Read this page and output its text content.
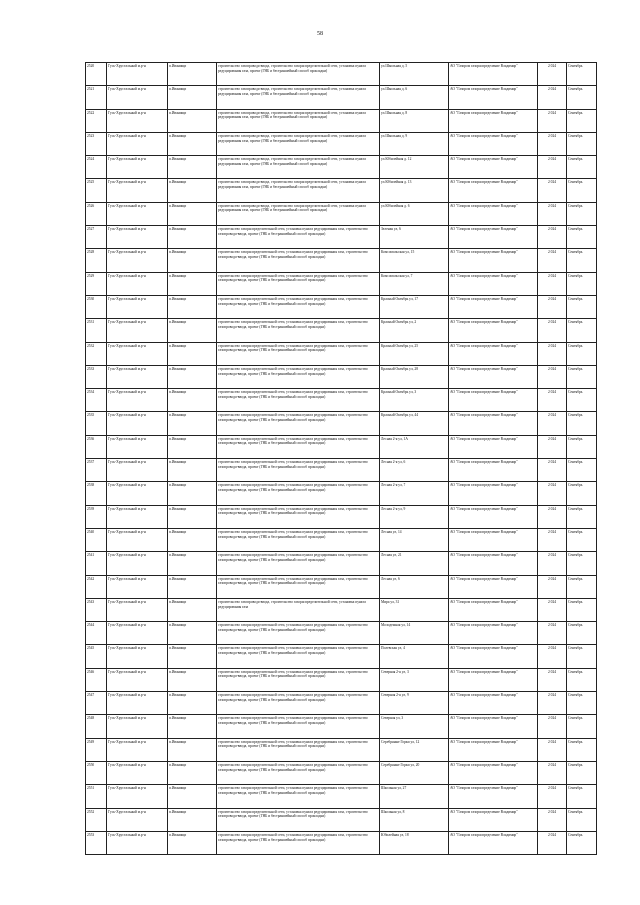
58
2520	Гусь-Хрустальный м.р-н	п.Иванищи	строительство газопровода-ввода, строительство газораспределительной сети, установка пункта редуцирования газа, проект (ГНБ и бестраншейный способ прокладки)	ул.Школьная д. 5	АО "Газпром газораспределение Владимир"	2 024	Сентябрь
2521	Гусь-Хрустальный м.р-н	п.Иванищи	строительство газопровода-ввода, строительство газораспределительной сети, установка пункта редуцирования газа, проект (ГНБ и бестраншейный способ прокладки)	ул.Школьная д. 6	АО "Газпром газораспределение Владимир"	2 024	Сентябрь
2522	Гусь-Хрустальный м.р-н	п.Иванищи	строительство газопровода-ввода, строительство газораспределительной сети, установка пункта редуцирования газа, проект (ГНБ и бестраншейный способ прокладки)	ул.Школьная д. 8	АО "Газпром газораспределение Владимир"	2 024	Сентябрь
2523	Гусь-Хрустальный м.р-н	п.Иванищи	строительство газопровода-ввода, строительство газораспределительной сети, установка пункта редуцирования газа, проект (ГНБ и бестраншейный способ прокладки)	ул.Школьная д. 9	АО "Газпром газораспределение Владимир"	2 024	Сентябрь
2524	Гусь-Хрустальный м.р-н	п.Иванищи	строительство газопровода-ввода, строительство газораспределительной сети, установка пункта редуцирования газа, проект (ГНБ и бестраншейный способ прокладки)	ул.Юбилейная д. 12	АО "Газпром газораспределение Владимир"	2 024	Сентябрь
2525	Гусь-Хрустальный м.р-н	п.Иванищи	строительство газопровода-ввода, строительство газораспределительной сети, установка пункта редуцирования газа, проект (ГНБ и бестраншейный способ прокладки)	ул.Юбилейная д. 13	АО "Газпром газораспределение Владимир"	2 024	Сентябрь
2526	Гусь-Хрустальный м.р-н	п.Иванищи	строительство газопровода-ввода, строительство газораспределительной сети, установка пункта редуцирования газа, проект (ГНБ и бестраншейный способ прокладки)	ул.Юбилейная д. 6	АО "Газпром газораспределение Владимир"	2 024	Сентябрь
2527	Гусь-Хрустальный м.р-н	п.Иванищи	строительство газораспределительной сети, установка пункта редуцирования газа, строительство газопровода-ввода, проект (ГНБ и бестраншейный способ прокладки)	Зеленая ул, 6	АО "Газпром газораспределение Владимир"	2 024	Сентябрь
2528	Гусь-Хрустальный м.р-н	п.Иванищи	строительство газораспределительной сети, установка пункта редуцирования газа, строительство газопровода-ввода, проект (ГНБ и бестраншейный способ прокладки)	Комсомольская ул, 15	АО "Газпром газораспределение Владимир"	2 024	Сентябрь
2529	Гусь-Хрустальный м.р-н	п.Иванищи	строительство газораспределительной сети, установка пункта редуцирования газа, строительство газопровода-ввода, проект (ГНБ и бестраншейный способ прокладки)	Комсомольская ул, 7	АО "Газпром газораспределение Владимир"	2 024	Сентябрь
2530	Гусь-Хрустальный м.р-н	п.Иванищи	строительство газораспределительной сети, установка пункта редуцирования газа, строительство газопровода-ввода, проект (ГНБ и бестраншейный способ прокладки)	Красный Октябрь ул, 17	АО "Газпром газораспределение Владимир"	2 024	Сентябрь
2531	Гусь-Хрустальный м.р-н	п.Иванищи	строительство газораспределительной сети, установка пункта редуцирования газа, строительство газопровода-ввода, проект (ГНБ и бестраншейный способ прокладки)	Красный Октябрь ул, 2	АО "Газпром газораспределение Владимир"	2 024	Сентябрь
2532	Гусь-Хрустальный м.р-н	п.Иванищи	строительство газораспределительной сети, установка пункта редуцирования газа, строительство газопровода-ввода, проект (ГНБ и бестраншейный способ прокладки)	Красный Октябрь ул, 25	АО "Газпром газораспределение Владимир"	2 024	Сентябрь
2533	Гусь-Хрустальный м.р-н	п.Иванищи	строительство газораспределительной сети, установка пункта редуцирования газа, строительство газопровода-ввода, проект (ГНБ и бестраншейный способ прокладки)	Красный Октябрь ул, 28	АО "Газпром газораспределение Владимир"	2 024	Сентябрь
2534	Гусь-Хрустальный м.р-н	п.Иванищи	строительство газораспределительной сети, установка пункта редуцирования газа, строительство газопровода-ввода, проект (ГНБ и бестраншейный способ прокладки)	Красный Октябрь ул, 3	АО "Газпром газораспределение Владимир"	2 024	Сентябрь
2535	Гусь-Хрустальный м.р-н	п.Иванищи	строительство газораспределительной сети, установка пункта редуцирования газа, строительство газопровода-ввода, проект (ГНБ и бестраншейный способ прокладки)	Красный Октябрь ул, 44	АО "Газпром газораспределение Владимир"	2 024	Сентябрь
2536	Гусь-Хрустальный м.р-н	п.Иванищи	строительство газораспределительной сети, установка пункта редуцирования газа, строительство газопровода-ввода, проект (ГНБ и бестраншейный способ прокладки)	Лесная 2-я ул, 1А	АО "Газпром газораспределение Владимир"	2 024	Сентябрь
2537	Гусь-Хрустальный м.р-н	п.Иванищи	строительство газораспределительной сети, установка пункта редуцирования газа, строительство газопровода-ввода, проект (ГНБ и бестраншейный способ прокладки)	Лесная 2-я ул, 6	АО "Газпром газораспределение Владимир"	2 024	Сентябрь
2538	Гусь-Хрустальный м.р-н	п.Иванищи	строительство газораспределительной сети, установка пункта редуцирования газа, строительство газопровода-ввода, проект (ГНБ и бестраншейный способ прокладки)	Лесная 2-я ул, 7	АО "Газпром газораспределение Владимир"	2 024	Сентябрь
2539	Гусь-Хрустальный м.р-н	п.Иванищи	строительство газораспределительной сети, установка пункта редуцирования газа, строительство газопровода-ввода, проект (ГНБ и бестраншейный способ прокладки)	Лесная 2-я ул, 9	АО "Газпром газораспределение Владимир"	2 024	Сентябрь
2540	Гусь-Хрустальный м.р-н	п.Иванищи	строительство газораспределительной сети, установка пункта редуцирования газа, строительство газопровода-ввода, проект (ГНБ и бестраншейный способ прокладки)	Лесная ул, 14	АО "Газпром газораспределение Владимир"	2 024	Сентябрь
2541	Гусь-Хрустальный м.р-н	п.Иванищи	строительство газораспределительной сети, установка пункта редуцирования газа, строительство газопровода-ввода, проект (ГНБ и бестраншейный способ прокладки)	Лесная ул, 21	АО "Газпром газораспределение Владимир"	2 024	Сентябрь
2542	Гусь-Хрустальный м.р-н	п.Иванищи	строительство газораспределительной сети, установка пункта редуцирования газа, строительство газопровода-ввода, проект (ГНБ и бестраншейный способ прокладки)	Лесная ул, 6	АО "Газпром газораспределение Владимир"	2 024	Сентябрь
2543	Гусь-Хрустальный м.р-н	п.Иванищи	строительство газопровода-ввода, строительство газораспределительной сети, установка пункта редуцирования газа	Мира ул, 31	АО "Газпром газораспределение Владимир"	2 024	Сентябрь
2544	Гусь-Хрустальный м.р-н	п.Иванищи	строительство газораспределительной сети, установка пункта редуцирования газа, строительство газопровода-ввода, проект (ГНБ и бестраншейный способ прокладки)	Молодежная ул, 14	АО "Газпром газораспределение Владимир"	2 024	Сентябрь
2545	Гусь-Хрустальный м.р-н	п.Иванищи	строительство газораспределительной сети, установка пункта редуцирования газа, строительство газопровода-ввода, проект (ГНБ и бестраншейный способ прокладки)	Полевская ул, 4	АО "Газпром газораспределение Владимир"	2 024	Сентябрь
2546	Гусь-Хрустальный м.р-н	п.Иванищи	строительство газораспределительной сети, установка пункта редуцирования газа, строительство газопровода-ввода, проект (ГНБ и бестраншейный способ прокладки)	Северная 2-я ул, 3	АО "Газпром газораспределение Владимир"	2 024	Сентябрь
2547	Гусь-Хрустальный м.р-н	п.Иванищи	строительство газораспределительной сети, установка пункта редуцирования газа, строительство газопровода-ввода, проект (ГНБ и бестраншейный способ прокладки)	Северная 2-я ул, 9	АО "Газпром газораспределение Владимир"	2 024	Сентябрь
2548	Гусь-Хрустальный м.р-н	п.Иванищи	строительство газораспределительной сети, установка пункта редуцирования газа, строительство газопровода-ввода, проект (ГНБ и бестраншейный способ прокладки)	Северная ул, 3	АО "Газпром газораспределение Владимир"	2 024	Сентябрь
2549	Гусь-Хрустальный м.р-н	п.Иванищи	строительство газораспределительной сети, установка пункта редуцирования газа, строительство газопровода-ввода, проект (ГНБ и бестраншейный способ прокладки)	Серебряные Горки ул, 12	АО "Газпром газораспределение Владимир"	2 024	Сентябрь
2550	Гусь-Хрустальный м.р-н	п.Иванищи	строительство газораспределительной сети, установка пункта редуцирования газа, строительство газопровода-ввода, проект (ГНБ и бестраншейный способ прокладки)	Серебряные Горки ул, 20	АО "Газпром газораспределение Владимир"	2 024	Сентябрь
2551	Гусь-Хрустальный м.р-н	п.Иванищи	строительство газораспределительной сети, установка пункта редуцирования газа, строительство газопровода-ввода, проект (ГНБ и бестраншейный способ прокладки)	Школьная ул, 27	АО "Газпром газораспределение Владимир"	2 024	Сентябрь
2552	Гусь-Хрустальный м.р-н	п.Иванищи	строительство газораспределительной сети, установка пункта редуцирования газа, строительство газопровода-ввода, проект (ГНБ и бестраншейный способ прокладки)	Школьная ул, 8	АО "Газпром газораспределение Владимир"	2 024	Сентябрь
2553	Гусь-Хрустальный м.р-н	п.Иванищи	строительство газораспределительной сети, установка пункта редуцирования газа, строительство газопровода-ввода, проект (ГНБ и бестраншейный способ прокладки)	Юбилейная ул, 18	АО "Газпром газораспределение Владимир"	2 024	Сентябрь
